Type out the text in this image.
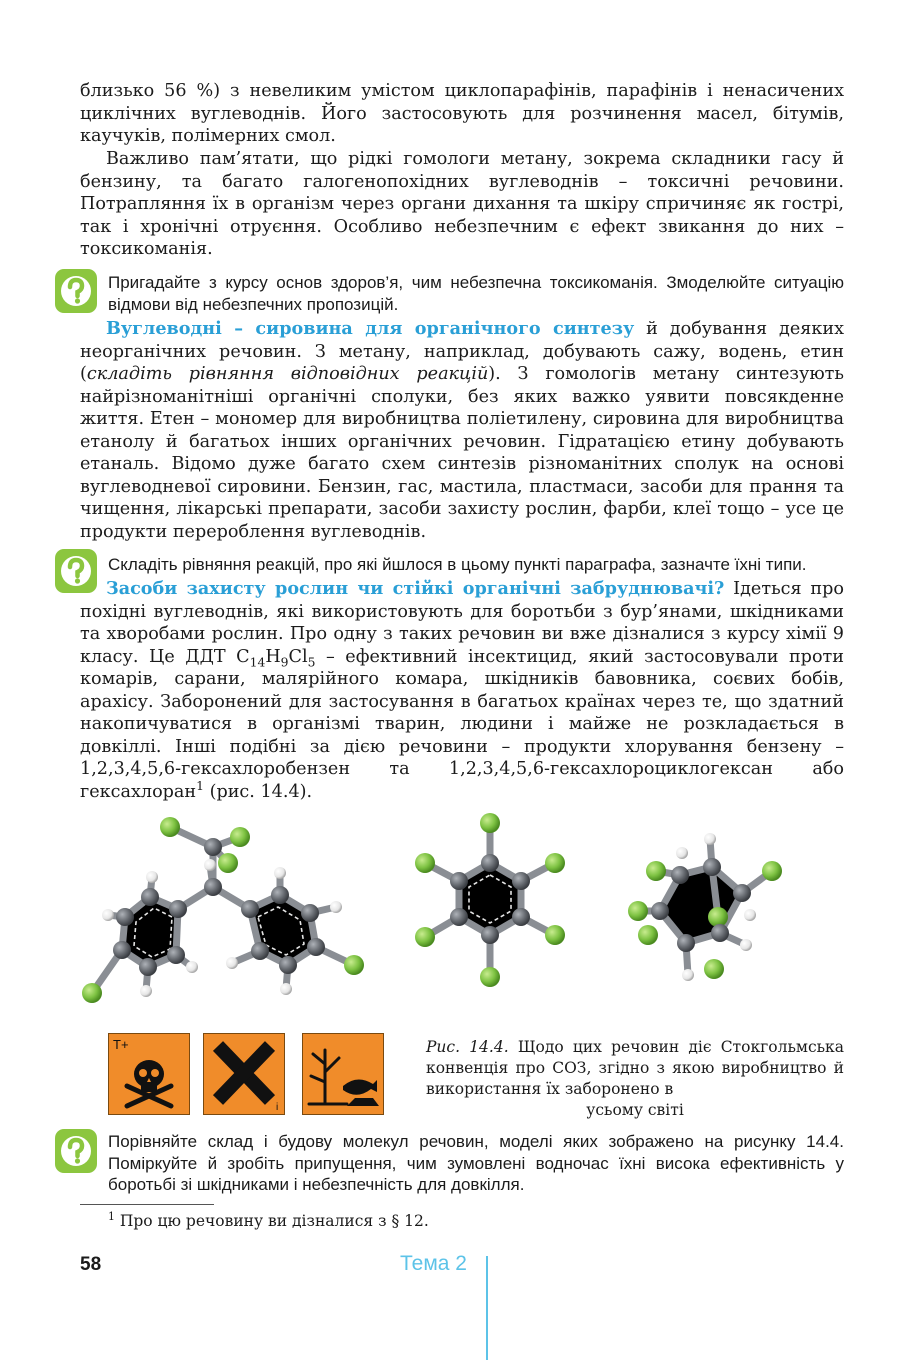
близько 56 %) з невеликим умістом циклопарафінів, парафінів і ненасичених циклічних вуглеводнів. Його застосовують для розчинення масел, бітумів, каучуків, полімерних смол.

Важливо пам’ятати, що рідкі гомологи метану, зокрема складники гасу й бензину, та багато галогенопохідних вуглеводнів – токсичні речовини. Потрапляння їх в організм через органи дихання та шкіру спричиняє як гострі, так і хронічні отруєння. Особливо небезпечним є ефект звикання до них – токсикоманія.

Пригадайте з курсу основ здоров’я, чим небезпечна токсикоманія. Змоделюйте ситуацію відмови від небезпечних пропозицій.

Вуглеводні – сировина для органічного синтезу й добування деяких неорганічних речовин. З метану, наприклад, добувають сажу, водень, етин (складіть рівняння відповідних реакцій). З гомологів метану синтезують найрізноманітніші органічні сполуки, без яких важко уявити повсякденне життя. Етен – мономер для виробництва поліетилену, сировина для виробництва етанолу й багатьох інших органічних речовин. Гідратацією етину добувають етаналь. Відомо дуже багато схем синтезів різноманітних сполук на основі вуглеводневої сировини. Бензин, гас, мастила, пластмаси, засоби для прання та чищення, лікарські препарати, засоби захисту рослин, фарби, клеї тощо – усе це продукти перероблення вуглеводнів.

Складіть рівняння реакцій, про які йшлося в цьому пункті параграфа, зазначте їхні типи.

Засоби захисту рослин чи стійкі органічні забруднювачі? Ідеться про похідні вуглеводнів, які використовують для боротьби з бур’янами, шкідниками та хворобами рослин. Про одну з таких речовин ви вже дізналися з курсу хімії 9 класу. Це ДДТ $C_{14}H_9Cl_5$ – ефективний інсектицид, який застосовували проти комарів, сарани, малярійного комара, шкідників бавовника, соєвих бобів, арахісу. Заборонений для застосування в багатьох країнах через те, що здатний накопичуватися в організмі тварин, людини і майже не розкладається в довкіллі. Інші подібні за дією речовини – продукти хлорування бензену – 1,2,3,4,5,6-гексахлоробензен та 1,2,3,4,5,6-гексахлороциклогексан або гексахлоран$^1$ (рис. 14.4).

T+
i
Рис. 14.4. Щодо цих речовин діє Стокгольмська конвенція про СОЗ, згідно з якою виробництво й використання їх заборонено в
усьому світі
Порівняйте склад і будову молекул речовин, моделі яких зображено на рисунку 14.4. Поміркуйте й зробіть припущення, чим зумовлені водночас їхні висока ефективність у боротьбі зі шкідниками і небезпечність для довкілля.
$^1$ Про цю речовину ви дізналися з § 12.
58	Тема 2
